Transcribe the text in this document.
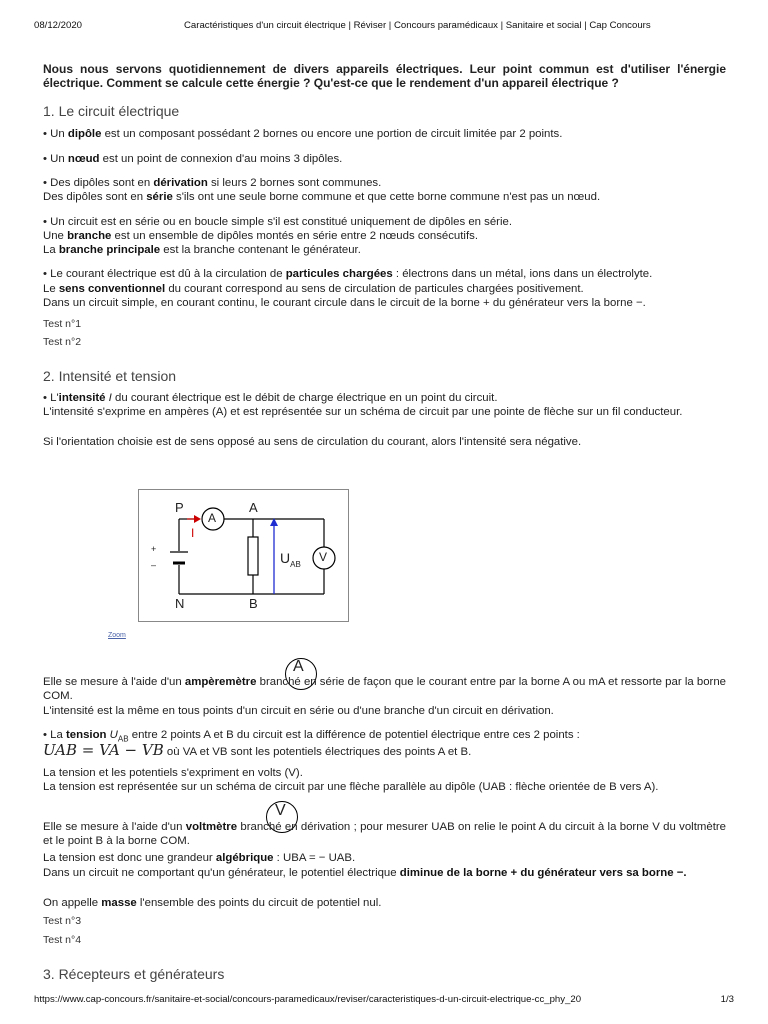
08/12/2020	Caractéristiques d'un circuit électrique | Réviser | Concours paramédicaux | Sanitaire et social | Cap Concours
Nous nous servons quotidiennement de divers appareils électriques. Leur point commun est d'utiliser l'énergie électrique. Comment se calcule cette énergie ? Qu'est-ce que le rendement d'un appareil électrique ?
1. Le circuit électrique
• Un dipôle est un composant possédant 2 bornes ou encore une portion de circuit limitée par 2 points.
• Un nœud est un point de connexion d'au moins 3 dipôles.
• Des dipôles sont en dérivation si leurs 2 bornes sont communes.
Des dipôles sont en série s'ils ont une seule borne commune et que cette borne commune n'est pas un nœud.
• Un circuit est en série ou en boucle simple s'il est constitué uniquement de dipôles en série.
Une branche est un ensemble de dipôles montés en série entre 2 nœuds consécutifs.
La branche principale est la branche contenant le générateur.
• Le courant électrique est dû à la circulation de particules chargées : électrons dans un métal, ions dans un électrolyte.
Le sens conventionnel du courant correspond au sens de circulation de particules chargées positivement.
Dans un circuit simple, en courant continu, le courant circule dans le circuit de la borne + du générateur vers la borne −.
Test n°1
Test n°2
2. Intensité et tension
• L'intensité I du courant électrique est le débit de charge électrique en un point du circuit.
L'intensité s'exprime en ampères (A) et est représentée sur un schéma de circuit par une pointe de flèche sur un fil conducteur.
Si l'orientation choisie est de sens opposé au sens de circulation du courant, alors l'intensité sera négative.
P	A
N	B
I
+
–
A
V
$U_{AB}$
Zoom
A
Elle se mesure à l'aide d'un ampèremètre branché en série de façon que le courant entre par la borne A ou mA et ressorte par la borne COM.
L'intensité est la même en tous points d'un circuit en série ou d'une branche d'un circuit en dérivation.
• La tension $U_{AB}$ entre 2 points A et B du circuit est la différence de potentiel électrique entre ces 2 points :
UAB = VA − VB où VA et VB sont les potentiels électriques des points A et B.
La tension et les potentiels s'expriment en volts (V).
La tension est représentée sur un schéma de circuit par une flèche parallèle au dipôle (UAB : flèche orientée de B vers A).
V
Elle se mesure à l'aide d'un voltmètre branché en dérivation ; pour mesurer UAB on relie le point A du circuit à la borne V du voltmètre et le point B à la borne COM.
La tension est donc une grandeur algébrique : UBA = − UAB.
Dans un circuit ne comportant qu'un générateur, le potentiel électrique diminue de la borne + du générateur vers sa borne −.
On appelle masse l'ensemble des points du circuit de potentiel nul.
Test n°3
Test n°4
3. Récepteurs et générateurs
https://www.cap-concours.fr/sanitaire-et-social/concours-paramedicaux/reviser/caracteristiques-d-un-circuit-electrique-cc_phy_20	1/3
